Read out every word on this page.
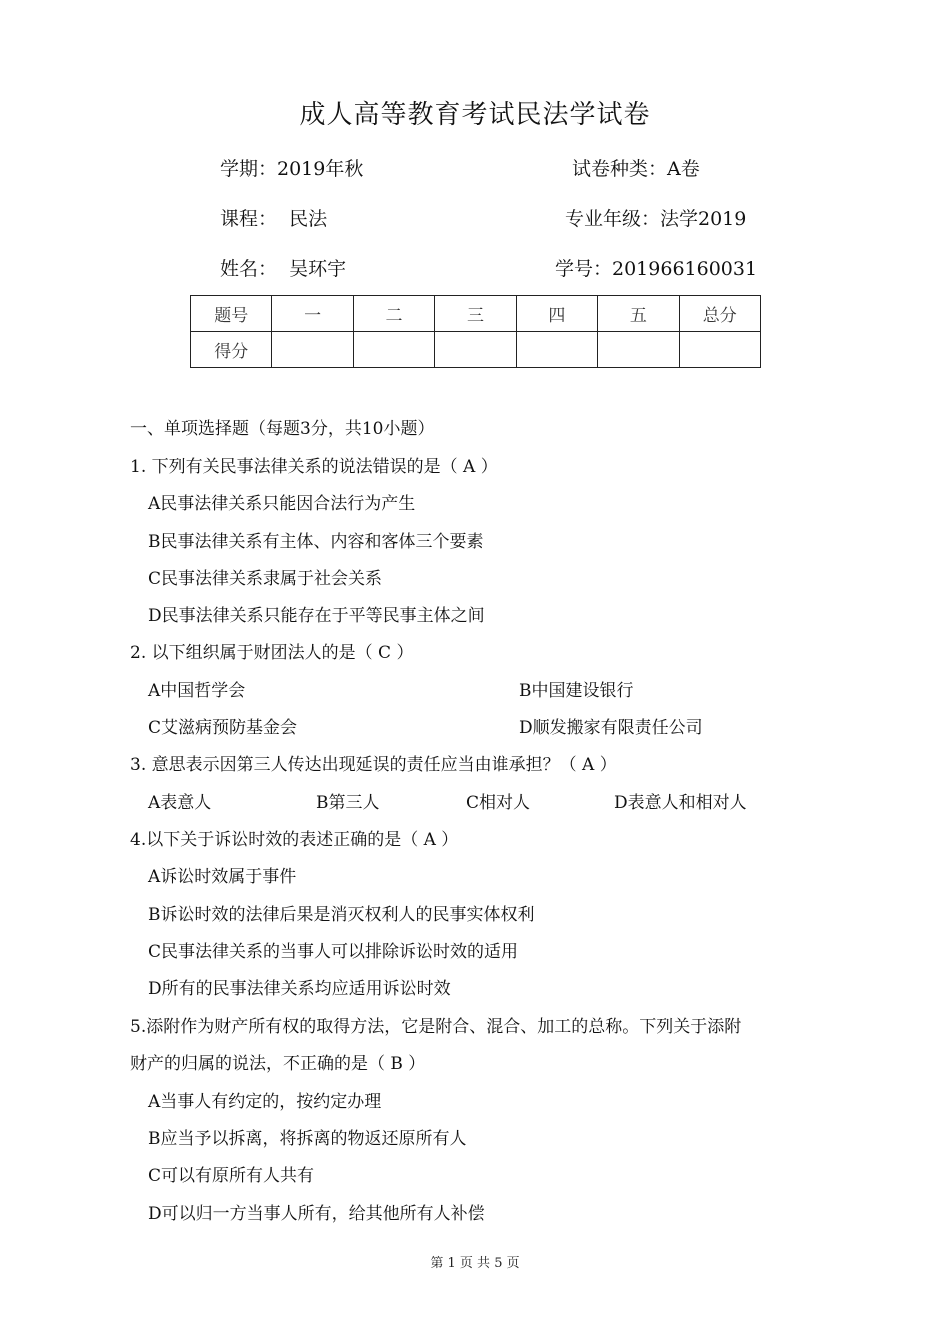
成人高等教育考试民法学试卷
学期：2019年秋	试卷种类：A卷
课程：  民法	专业年级：法学2019
姓名：  吴环宇	学号：201966160031
题号	一	二	三	四	五	总分
得分						
一、单项选择题（每题3分，共10小题）
1. 下列有关民事法律关系的说法错误的是（ A ）
A民事法律关系只能因合法行为产生
B民事法律关系有主体、内容和客体三个要素
C民事法律关系隶属于社会关系
D民事法律关系只能存在于平等民事主体之间
2. 以下组织属于财团法人的是（ C ）
A中国哲学会	B中国建设银行
C艾滋病预防基金会	D顺发搬家有限责任公司
3. 意思表示因第三人传达出现延误的责任应当由谁承担？（ A ）
A表意人	B第三人	C相对人	D表意人和相对人
4.以下关于诉讼时效的表述正确的是（ A ）
A诉讼时效属于事件
B诉讼时效的法律后果是消灭权利人的民事实体权利
C民事法律关系的当事人可以排除诉讼时效的适用
D所有的民事法律关系均应适用诉讼时效
5.添附作为财产所有权的取得方法，它是附合、混合、加工的总称。下列关于添附
财产的归属的说法，不正确的是（ B ）
A当事人有约定的，按约定办理
B应当予以拆离，将拆离的物返还原所有人
C可以有原所有人共有
D可以归一方当事人所有，给其他所有人补偿
第 1 页 共 5 页
